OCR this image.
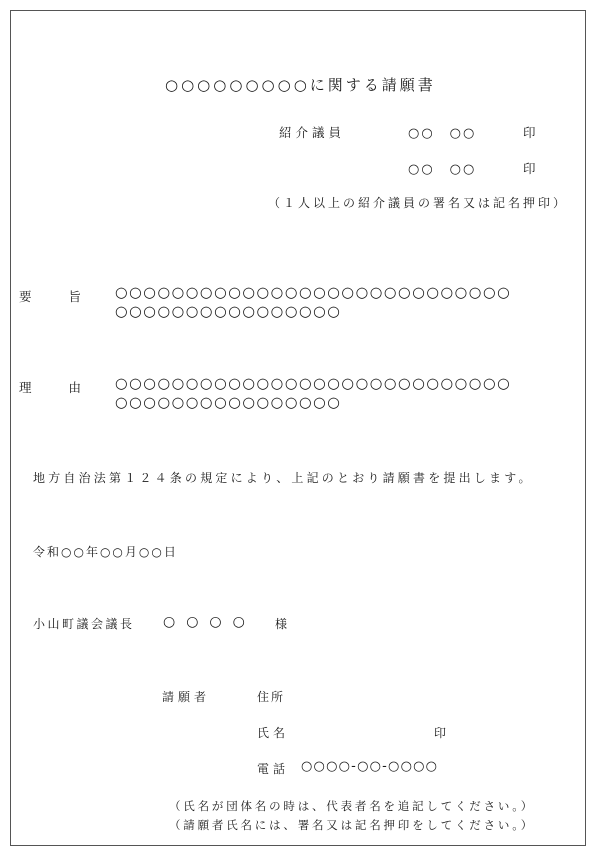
○○○○○○○○○に関する請願書
紹介議員	○○　○○	印
○○　○○	印
（１人以上の紹介議員の署名又は記名押印）
要　　旨 ○○○○○○○○○○○○○○○○○○○○○○○○○○○○
○○○○○○○○○○○○○○○○
理　　由 ○○○○○○○○○○○○○○○○○○○○○○○○○○○○
○○○○○○○○○○○○○○○○
地方自治法第１２４条の規定により、上記のとおり請願書を提出します。
令和○○年○○月○○日
小山町議会議長 ○○○○ 様
請願者	住所
氏名	印
電話 ○○○○-○○-○○○○
（氏名が団体名の時は、代表者名を追記してください。）
（請願者氏名には、署名又は記名押印をしてください。）
